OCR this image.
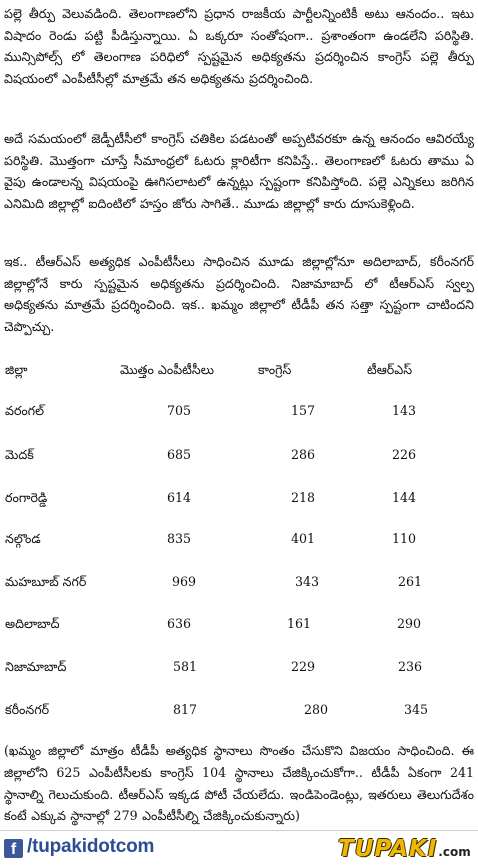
పల్లె తీర్పు వెలువడింది. తెలంగాణలోని ప్రధాన రాజకీయ పార్టీలన్నింటికీ అటు ఆనందం.. ఇటు విషాదం రెండు పట్టి పీడిస్తున్నాయి. ఏ ఒక్కరూ సంతోషంగా.. ప్రశాంతంగా ఉండలేని పరిస్థితి. మున్సిపోల్స్ లో తెలంగాణ పరిధిలో స్పష్టమైన అధిక్యతను ప్రదర్శించిన కాంగ్రెస్ పల్లె తీర్పు విషయంలో ఎంపీటీసీల్లో మాత్రమే తన అధిక్యతను ప్రదర్శించింది.
అదే సమయంలో జెడ్పీటీసీలో కాంగ్రెస్ చతికిల పడటంతో అప్పటివరకూ ఉన్న ఆనందం ఆవిరయ్యే పరిస్థితి. మొత్తంగా చూస్తే సీమాంధ్రలో ఓటరు క్లారిటీగా కనిపిస్తే.. తెలంగాణలో ఓటరు తాము ఏ వైపు ఉండాలన్న విషయంపై ఊగిసలాటలో ఉన్నట్లు స్పష్టంగా కనిపిస్తోంది. పల్లె ఎన్నికలు జరిగిన ఎనిమిది జిల్లాల్లో ఐదింటిలో హస్తం జోరు సాగితే.. మూడు జిల్లాల్లో కారు దూసుకెళ్లింది.
ఇక.. టీఆర్ఎస్ అత్యధిక ఎంపీటీసీలు సాధించిన మూడు జిల్లాల్లోనూ అదిలాబాద్, కరీంనగర్ జిల్లాల్లోనే కారు స్పష్టమైన అధిక్యతను ప్రదర్శించింది. నిజామాబాద్ లో టీఆర్ఎస్ స్వల్ప అధిక్యతను మాత్రమే ప్రదర్శించింది. ఇక.. ఖమ్మం జిల్లాలో టీడీపీ తన సత్తా స్పష్టంగా చాటిందని చెప్పొచ్చు.
జిల్లా	మొత్తం ఎంపీటీసీలు	కాంగ్రెస్	టీఆర్ఎస్
వరంగల్	705	157	143
మెదక్	685	286	226
రంగారెడ్డి	614	218	144
నల్గొండ	835	401	110
మహబూబ్ నగర్	969	343	261
అదిలాబాద్	636	161	290
నిజామాబాద్	581	229	236
కరీంనగర్	817	280	345
(ఖమ్మం జిల్లాలో మాత్రం టీడీపీ అత్యధిక స్థానాలు సొంతం చేసుకొని విజయం సాధించింది. ఈ జిల్లాలోని 625 ఎంపీటీసీలకు కాంగ్రెస్ 104 స్థానాలు చేజిక్కించుకోగా.. టీడీపీ ఏకంగా 241 స్థానాల్ని గెలుచుకుంది. టీఆర్ఎస్ ఇక్కడ పోటీ చేయలేదు. ఇండిపెండెంట్లు, ఇతరులు తెలుగుదేశం కంటే ఎక్కువ స్థానాల్లో 279 ఎంపీటీసీల్ని చేజిక్కించుకున్నారు)
f /tupakidotcom	TUPAKI .com
